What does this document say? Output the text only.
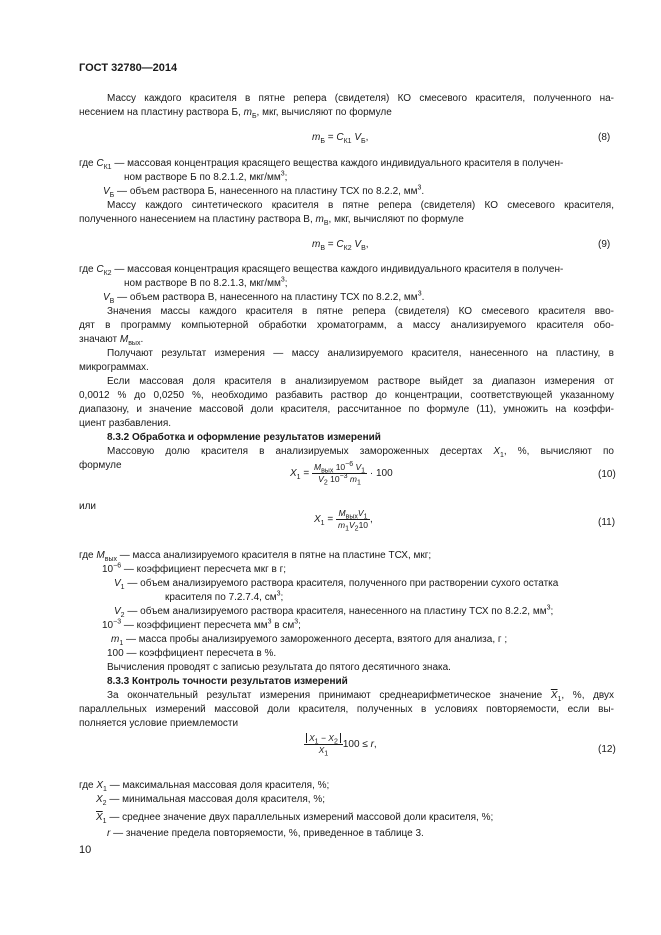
ГОСТ 32780—2014
Массу каждого красителя в пятне репера (свидетеля) КО смесевого красителя, полученного на-
несением на пластину раствора Б, $m_Б$, мкг, вычисляют по формуле
$m_Б = C_{К1}$ $V_Б$,	(8)
где $C_{К1}$ — массовая концентрация красящего вещества каждого индивидуального красителя в получен-
ном растворе Б по 8.2.1.2, мкг/$мм^3$;
$V_Б$ — объем раствора Б, нанесенного на пластину ТСХ по 8.2.2, $мм^3$.
Массу каждого синтетического красителя в пятне репера (свидетеля) КО смесевого красителя,
полученного нанесением на пластину раствора В, $m_В$, мкг, вычисляют по формуле
$m_В = C_{К2}$ $V_В$,	(9)
где $C_{К2}$ — массовая концентрация красящего вещества каждого индивидуального красителя в получен-
ном растворе В по 8.2.1.3, мкг/$мм^3$;
$V_В$ — объем раствора В, нанесенного на пластину ТСХ по 8.2.2, $мм^3$.
Значения массы каждого красителя в пятне репера (свидетеля) КО смесевого красителя вво-
дят в программу компьютерной обработки хроматограмм, а массу анализируемого красителя обо-
значают $M_{вых}$.
Получают результат измерения — массу анализируемого красителя, нанесенного на пластину, в
микрограммах.
Если массовая доля красителя в анализируемом растворе выйдет за диапазон измерения от
0,0012 % до 0,0250 %, необходимо разбавить раствор до концентрации, соответствующей указанному
диапазону, и значение массовой доли красителя, рассчитанное по формуле (11), умножить на коэффи-
циент разбавления.
8.3.2 Обработка и оформление результатов измерений
Массовую долю красителя в анализируемых замороженных десертах $X_1$, %, вычисляют по
формуле
$X_1 = \frac{M_{вых} 10^{-6} V_1}{V_2 10^{-3} m_1} \cdot 100$	(10)
или
$X_1 = \frac{M_{вых}V_1}{m_1V_210}$ ,	(11)
где $M_{вых}$ — масса анализируемого красителя в пятне на пластине ТСХ, мкг;
$10^{-6}$ — коэффициент пересчета мкг в г;
$V_1$ — объем анализируемого раствора красителя, полученного при растворении сухого остатка
красителя по 7.2.7.4, $см^3$;
$V_2$ — объем анализируемого раствора красителя, нанесенного на пластину ТСХ по 8.2.2, $мм^3$;
$10^{-3}$ — коэффициент пересчета $мм^3$ в $см^3$;
$m_1$ — масса пробы анализируемого замороженного десерта, взятого для анализа, г ;
100 — коэффициент пересчета в %.
Вычисления проводят с записью результата до пятого десятичного знака.
8.3.3 Контроль точности результатов измерений
За окончательный результат измерения принимают среднеарифметическое значение $\overline{X}_1$, %, двух
параллельных измерений массовой доли красителя, полученных в условиях повторяемости, если вы-
полняется условие приемлемости
$\frac{X_1 - X_2}{\overline{X}_1} 100 \le r$,	(12)
где $X_1$ — максимальная массовая доля красителя, %;
$X_2$ — минимальная массовая доля красителя, %;
$\overline{X}_1$ — среднее значение двух параллельных измерений массовой доли красителя, %;
r — значение предела повторяемости, %, приведенное в таблице 3.
10
